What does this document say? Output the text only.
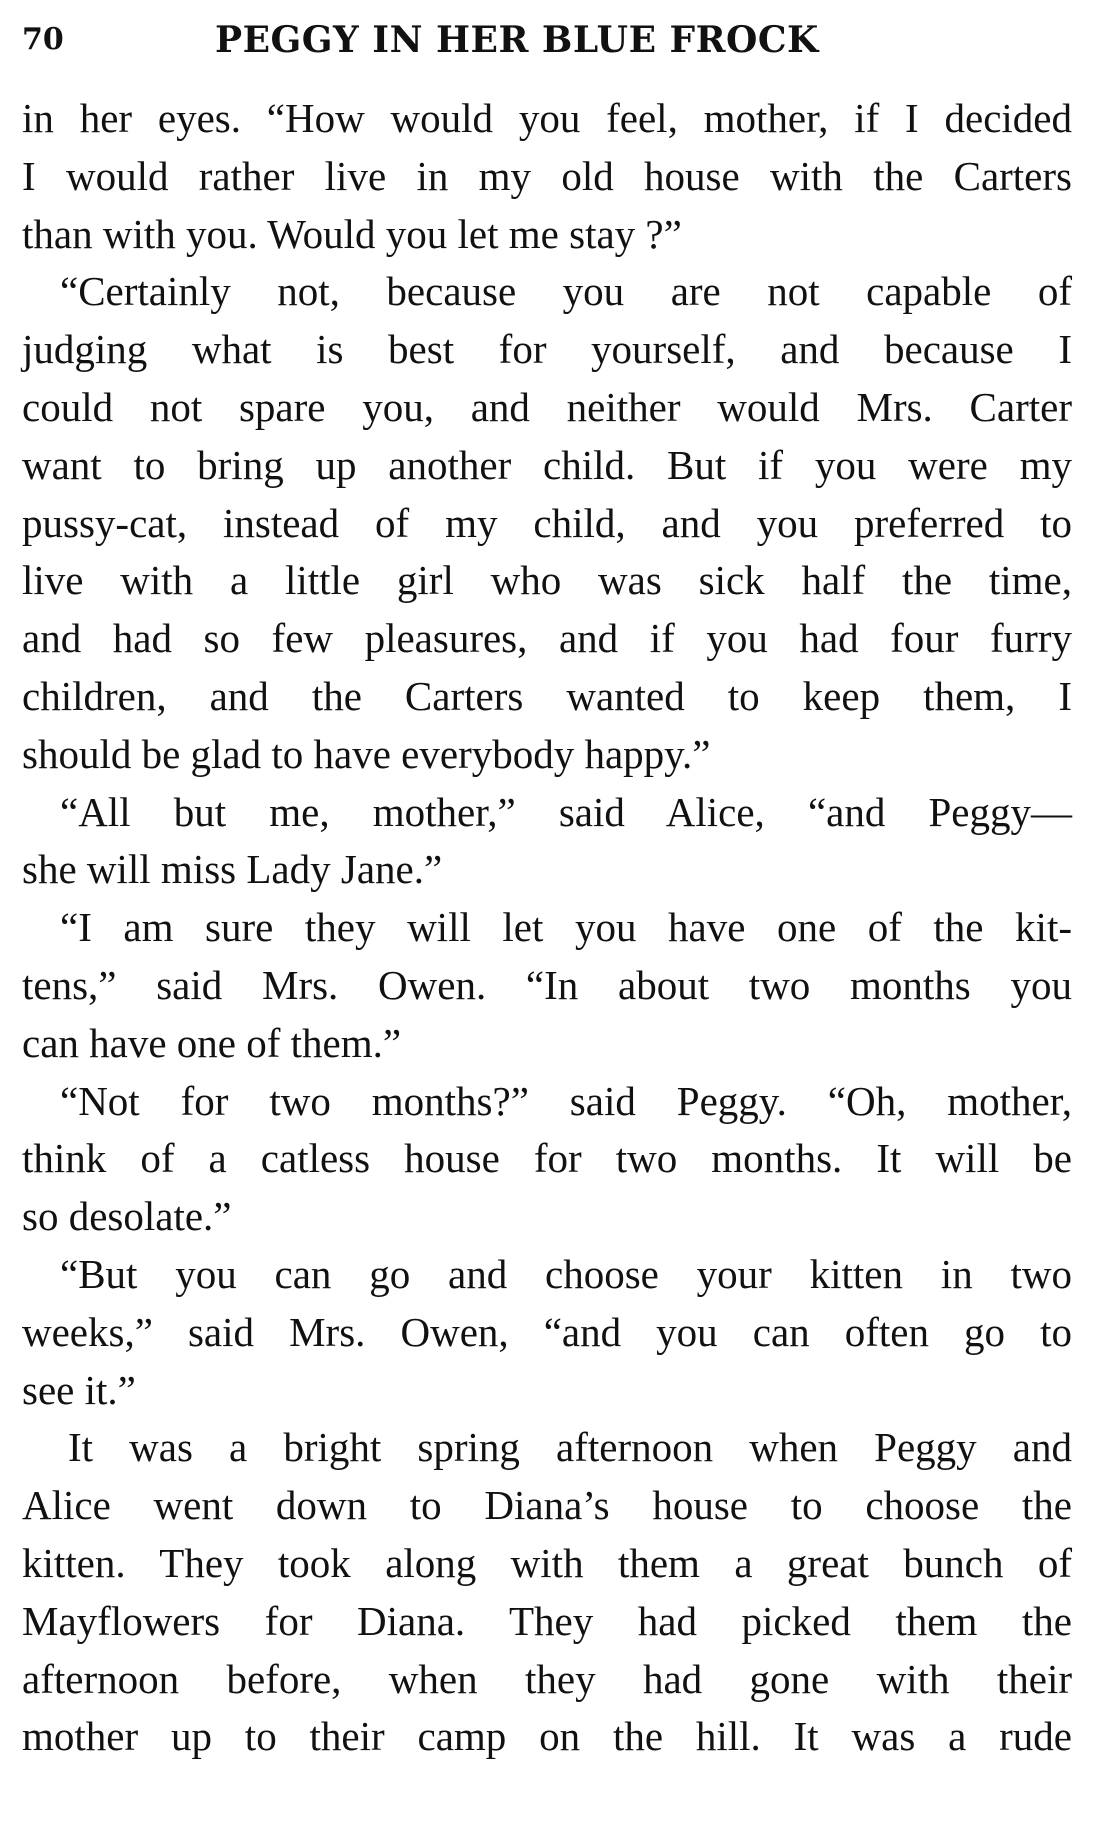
70	PEGGY IN HER BLUE FROCK
in her eyes. “How would you feel, mother, if I decided
I would rather live in my old house with the Carters
than with you. Would you let me stay ?”
“Certainly not, because you are not capable of
judging what is best for yourself, and because I
could not spare you, and neither would Mrs. Carter
want to bring up another child. But if you were my
pussy-cat, instead of my child, and you preferred to
live with a little girl who was sick half the time,
and had so few pleasures, and if you had four furry
children, and the Carters wanted to keep them, I
should be glad to have everybody happy.”
“All but me, mother,” said Alice, “and Peggy—
she will miss Lady Jane.”
“I am sure they will let you have one of the kit-
tens,” said Mrs. Owen. “In about two months you
can have one of them.”
“Not for two months?” said Peggy. “Oh, mother,
think of a catless house for two months. It will be
so desolate.”
“But you can go and choose your kitten in two
weeks,” said Mrs. Owen, “and you can often go to
see it.”
It was a bright spring afternoon when Peggy and
Alice went down to Diana’s house to choose the
kitten. They took along with them a great bunch of
Mayflowers for Diana. They had picked them the
afternoon before, when they had gone with their
mother up to their camp on the hill. It was a rude
